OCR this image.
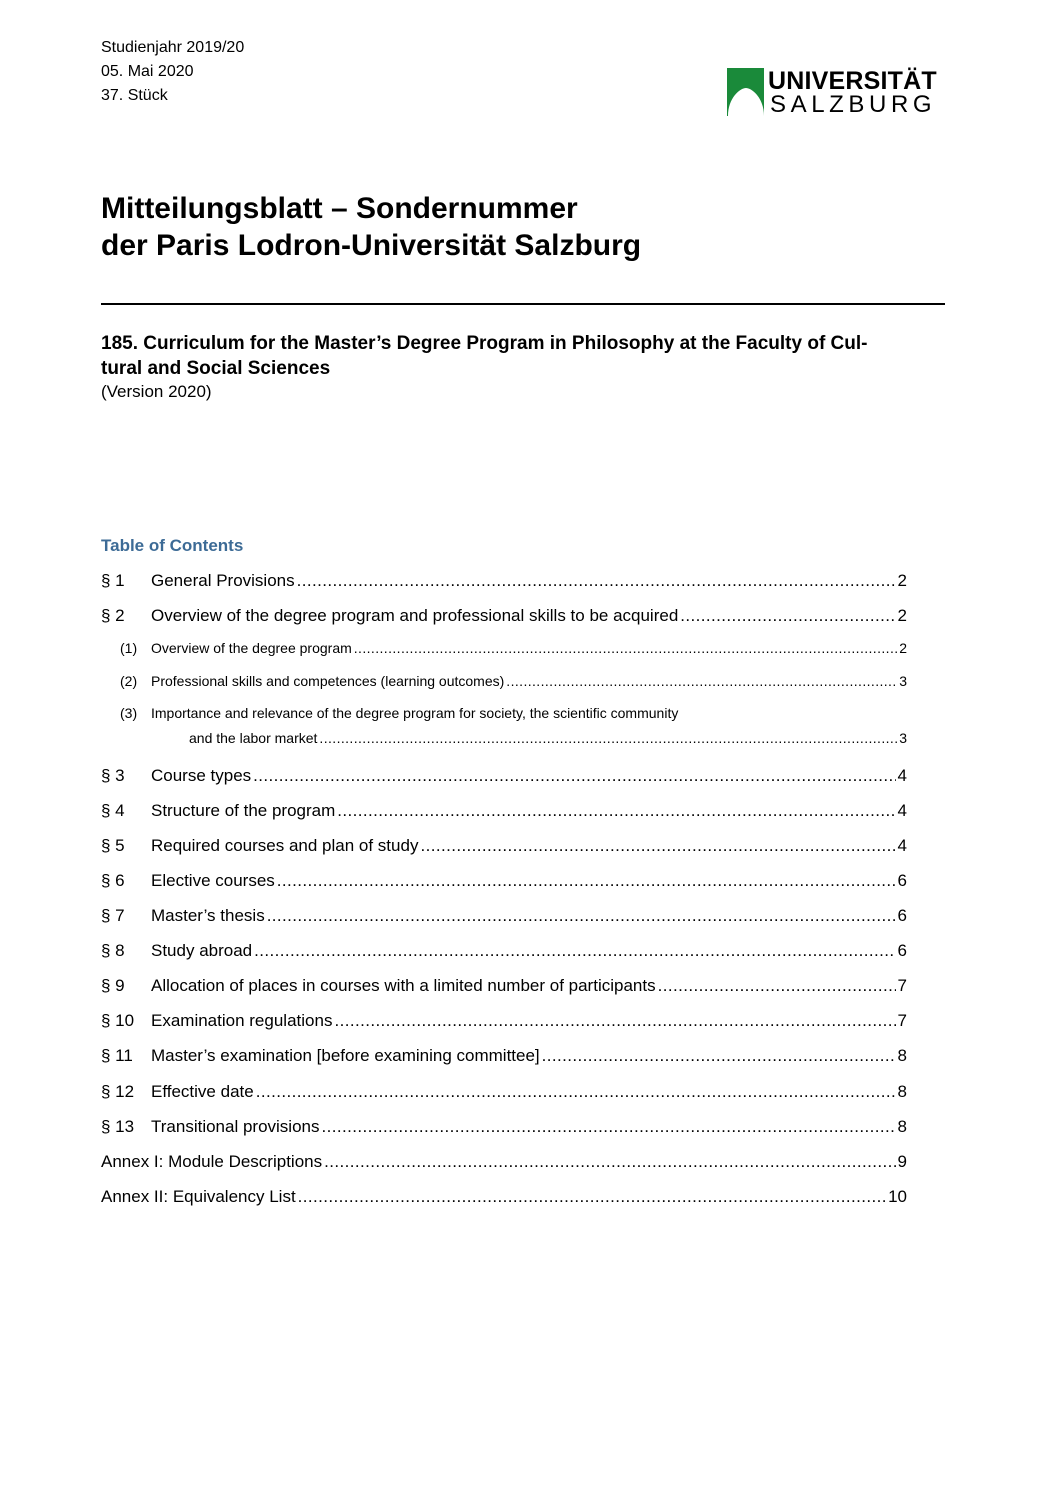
Studienjahr 2019/20
05. Mai 2020
37. Stück
UNIVERSITÄT
SALZBURG
Mitteilungsblatt – Sondernummer
der Paris Lodron-Universität Salzburg
185. Curriculum for the Master’s Degree Program in Philosophy at the Faculty of Cul-
tural and Social Sciences
(Version 2020)
Table of Contents
§ 1	General Provisions .....	2
§ 2	Overview of the degree program and professional skills to be acquired .....	2
(1) Overview of the degree program .....	2
(2) Professional skills and competences (learning outcomes) .....	3
(3) Importance and relevance of the degree program for society, the scientific community
and the labor market .....	3
§ 3	Course types .....	4
§ 4	Structure of the program .....	4
§ 5	Required courses and plan of study .....	4
§ 6	Elective courses .....	6
§ 7	Master’s thesis .....	6
§ 8	Study abroad .....	6
§ 9	Allocation of places in courses with a limited number of participants .....	7
§ 10 Examination regulations .....	7
§ 11	Master’s examination [before examining committee] .....	8
§ 12 Effective date .....	8
§ 13 Transitional provisions .....	8
Annex I: Module Descriptions .....	9
Annex II: Equivalency List .....	10
